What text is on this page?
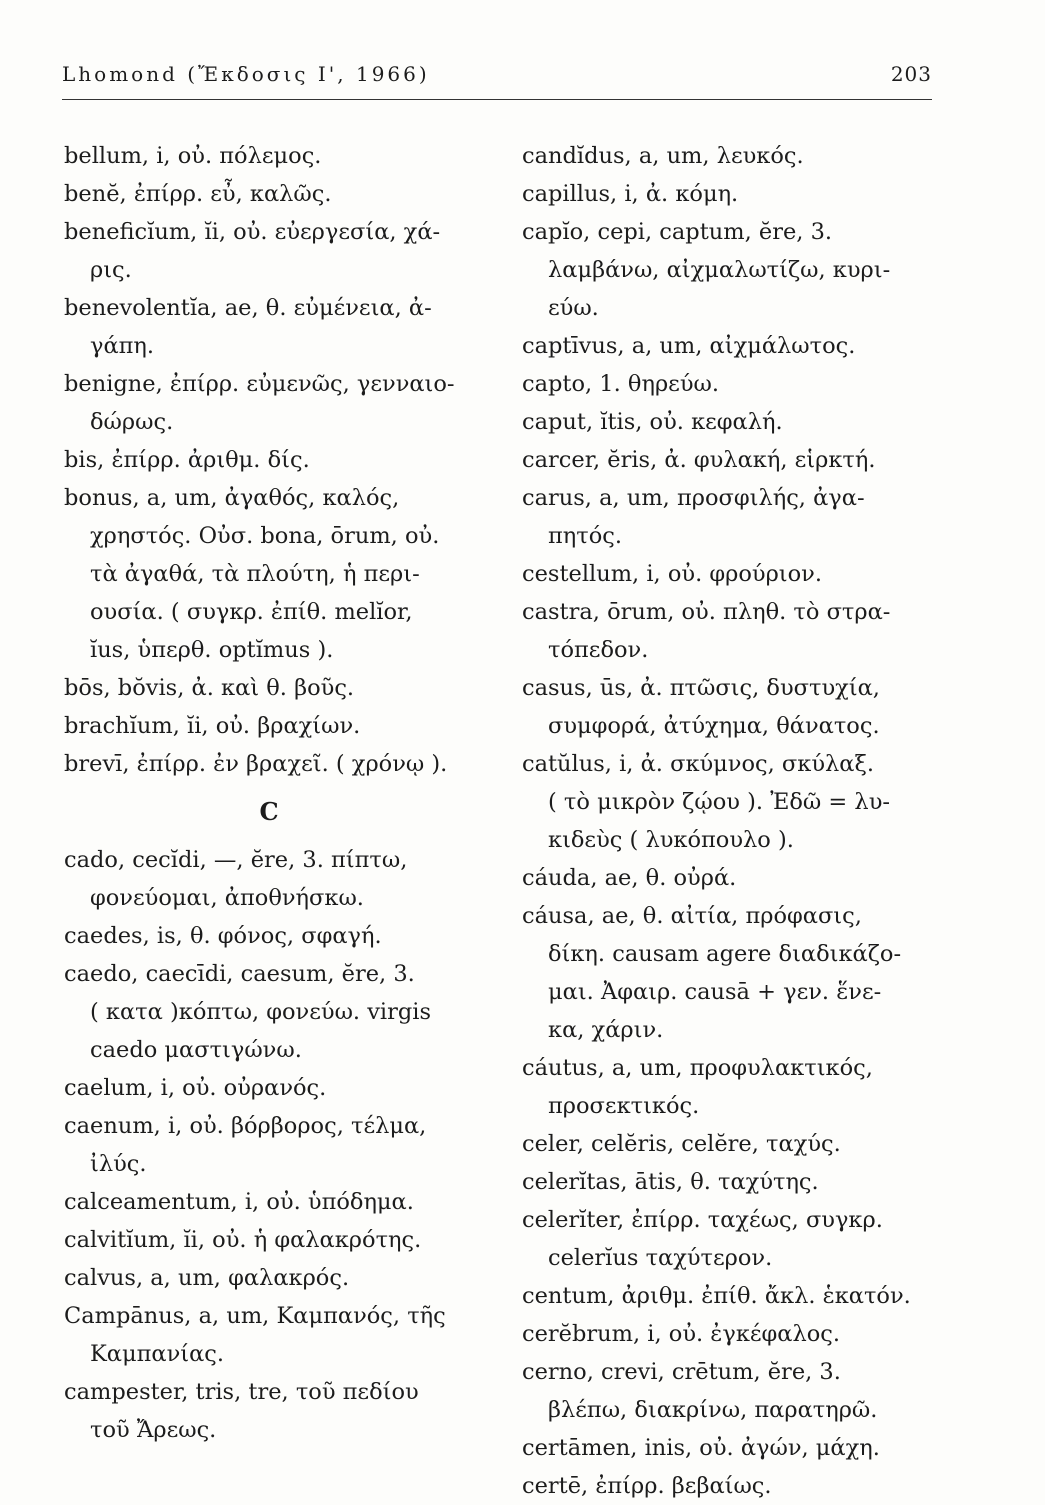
Lhomond (Ἔκδοσις Ι', 1966)	203
bellum, i, οὐ. πόλεμος.
benĕ, ἐπίρρ. εὖ, καλῶς.
beneficĭum, ĭi, οὐ. εὐεργεσία, χά-
ρις.
benevolentĭa, ae, θ. εὐμένεια, ἀ-
γάπη.
benigne, ἐπίρρ. εὐμενῶς, γενναιο-
δώρως.
bis, ἐπίρρ. ἀριθμ. δίς.
bonus, a, um, ἀγαθός, καλός,
χρηστός. Οὐσ. bona, ōrum, οὐ.
τὰ ἀγαθά, τὰ πλούτη, ἡ περι-
ουσία. ( συγκρ. ἐπίθ. melĭor,
ĭus, ὑπερθ. optĭmus ).
bōs, bŏvis, ἀ. καὶ θ. βοῦς.
brachĭum, ĭi, οὐ. βραχίων.
brevī, ἐπίρρ. ἐν βραχεῖ. ( χρόνῳ ).
C
cado, cecĭdi, —, ĕre, 3. πίπτω,
φονεύομαι, ἀποθνήσκω.
caedes, is, θ. φόνος, σφαγή.
caedo, caecīdi, caesum, ĕre, 3.
( κατα )κόπτω, φονεύω. virgis
caedo μαστιγώνω.
caelum, i, οὐ. οὐρανός.
caenum, i, οὐ. βόρβορος, τέλμα,
ἰλύς.
calceamentum, i, οὐ. ὑπόδημα.
calvitĭum, ĭi, οὐ. ἡ φαλακρότης.
calvus, a, um, φαλακρός.
Campānus, a, um, Καμπανός, τῆς
Καμπανίας.
campester, tris, tre, τοῦ πεδίου
τοῦ Ἄρεως.
candĭdus, a, um, λευκός.
capillus, i, ἀ. κόμη.
capĭo, cepi, captum, ĕre, 3.
λαμβάνω, αἰχμαλωτίζω, κυρι-
εύω.
captīvus, a, um, αἰχμάλωτος.
capto, 1. θηρεύω.
caput, ĭtis, οὐ. κεφαλή.
carcer, ĕris, ἀ. φυλακή, εἱρκτή.
carus, a, um, προσφιλής, ἀγα-
πητός.
cestellum, i, οὐ. φρούριον.
castra, ōrum, οὐ. πληθ. τὸ στρα-
τόπεδον.
casus, ūs, ἀ. πτῶσις, δυστυχία,
συμφορά, ἀτύχημα, θάνατος.
catŭlus, i, ἀ. σκύμνος, σκύλαξ.
( τὸ μικρὸν ζῴου ). Ἐδῶ = λυ-
κιδεὺς ( λυκόπουλο ).
cáuda, ae, θ. οὐρά.
cáusa, ae, θ. αἰτία, πρόφασις,
δίκη. causam agere διαδικάζο-
μαι. Ἀφαιρ. causā + γεν. ἕνε-
κα, χάριν.
cáutus, a, um, προφυλακτικός,
προσεκτικός.
celer, celĕris, celĕre, ταχύς.
celerĭtas, ātis, θ. ταχύτης.
celerĭter, ἐπίρρ. ταχέως, συγκρ.
celerĭus ταχύτερον.
centum, ἀριθμ. ἐπίθ. ἄκλ. ἑκατόν.
cerĕbrum, i, οὐ. ἐγκέφαλος.
cerno, crevi, crētum, ĕre, 3.
βλέπω, διακρίνω, παρατηρῶ.
certāmen, inis, οὐ. ἀγών, μάχη.
certē, ἐπίρρ. βεβαίως.
